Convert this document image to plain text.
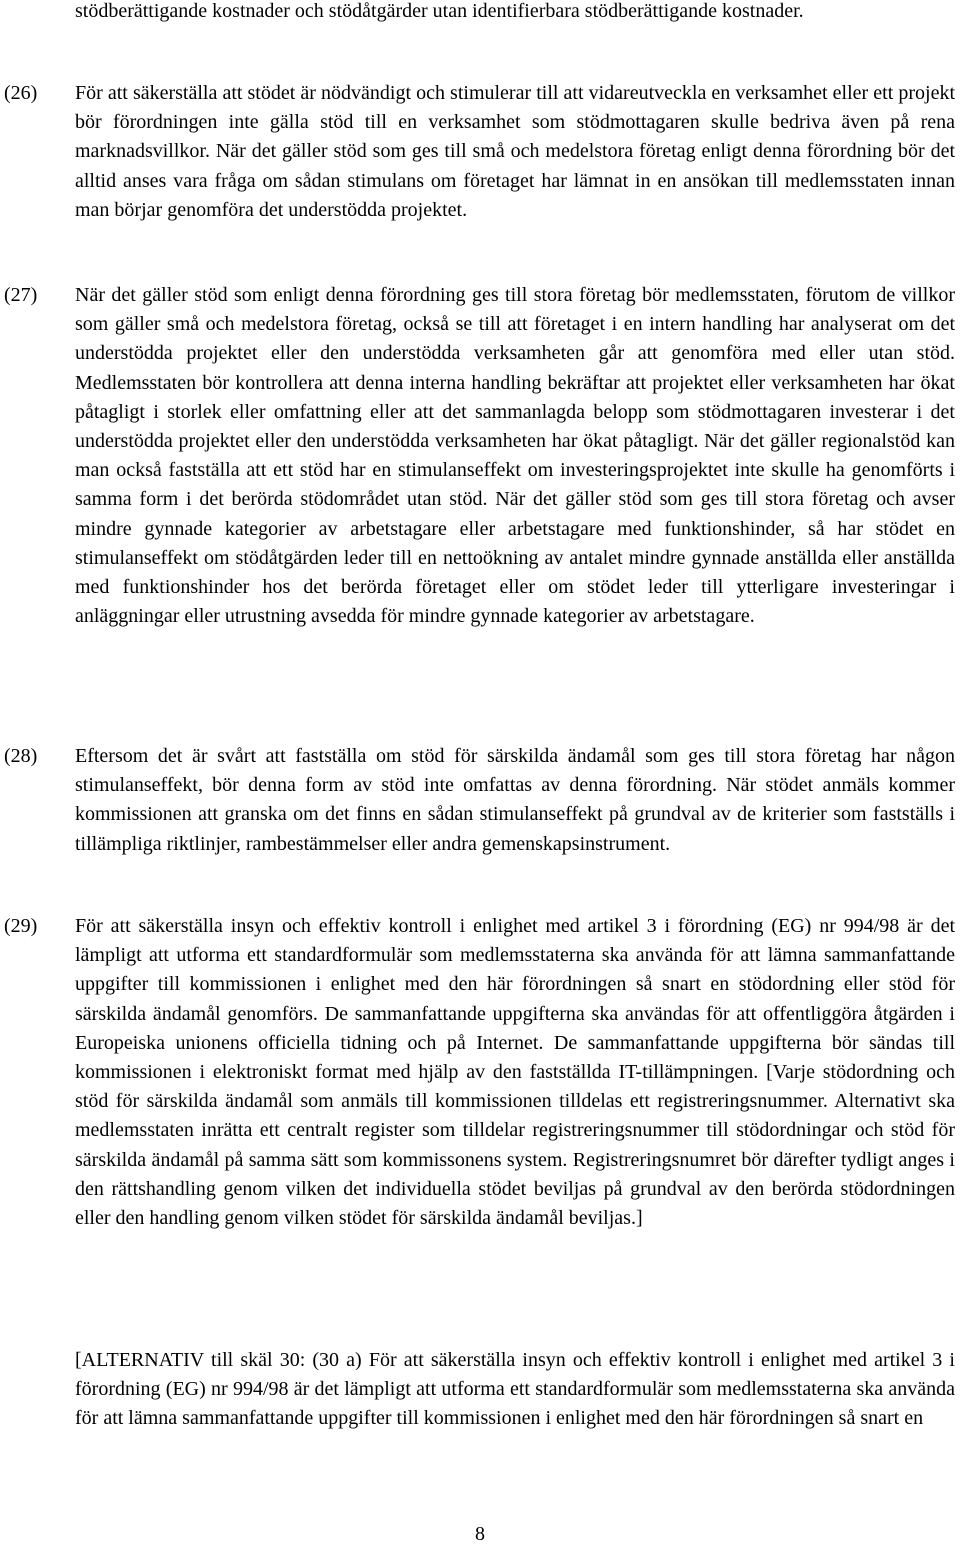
stödberättigande kostnader och stödåtgärder utan identifierbara stödberättigande kostnader.

(26)	För att säkerställa att stödet är nödvändigt och stimulerar till att vidareutveckla en verksamhet eller ett projekt bör förordningen inte gälla stöd till en verksamhet som stödmottagaren skulle bedriva även på rena marknadsvillkor. När det gäller stöd som ges till små och medelstora företag enligt denna förordning bör det alltid anses vara fråga om sådan stimulans om företaget har lämnat in en ansökan till medlemsstaten innan man börjar genomföra det understödda projektet.

(27)	När det gäller stöd som enligt denna förordning ges till stora företag bör medlemsstaten, förutom de villkor som gäller små och medelstora företag, också se till att företaget i en intern handling har analyserat om det understödda projektet eller den understödda verksamheten går att genomföra med eller utan stöd. Medlemsstaten bör kontrollera att denna interna handling bekräftar att projektet eller verksamheten har ökat påtagligt i storlek eller omfattning eller att det sammanlagda belopp som stödmottagaren investerar i det understödda projektet eller den understödda verksamheten har ökat påtagligt. När det gäller regionalstöd kan man också fastställa att ett stöd har en stimulanseffekt om investeringsprojektet inte skulle ha genomförts i samma form i det berörda stödområdet utan stöd. När det gäller stöd som ges till stora företag och avser mindre gynnade kategorier av arbetstagare eller arbetstagare med funktionshinder, så har stödet en stimulanseffekt om stödåtgärden leder till en nettoökning av antalet mindre gynnade anställda eller anställda med funktionshinder hos det berörda företaget eller om stödet leder till ytterligare investeringar i anläggningar eller utrustning avsedda för mindre gynnade kategorier av arbetstagare.

(28)	Eftersom det är svårt att fastställa om stöd för särskilda ändamål som ges till stora företag har någon stimulanseffekt, bör denna form av stöd inte omfattas av denna förordning. När stödet anmäls kommer kommissionen att granska om det finns en sådan stimulanseffekt på grundval av de kriterier som fastställs i tillämpliga riktlinjer, rambestämmelser eller andra gemenskapsinstrument.

(29)	För att säkerställa insyn och effektiv kontroll i enlighet med artikel 3 i förordning (EG) nr 994/98 är det lämpligt att utforma ett standardformulär som medlemsstaterna ska använda för att lämna sammanfattande uppgifter till kommissionen i enlighet med den här förordningen så snart en stödordning eller stöd för särskilda ändamål genomförs. De sammanfattande uppgifterna ska användas för att offentliggöra åtgärden i Europeiska unionens officiella tidning och på Internet. De sammanfattande uppgifterna bör sändas till kommissionen i elektroniskt format med hjälp av den fastställda IT-tillämpningen. [Varje stödordning och stöd för särskilda ändamål som anmäls till kommissionen tilldelas ett registreringsnummer. Alternativt ska medlemsstaten inrätta ett centralt register som tilldelar registreringsnummer till stödordningar och stöd för särskilda ändamål på samma sätt som kommissonens system. Registreringsnumret bör därefter tydligt anges i den rättshandling genom vilken det individuella stödet beviljas på grundval av den berörda stödordningen eller den handling genom vilken stödet för särskilda ändamål beviljas.]

[ALTERNATIV till skäl 30: (30 a) För att säkerställa insyn och effektiv kontroll i enlighet med artikel 3 i förordning (EG) nr 994/98 är det lämpligt att utforma ett standardformulär som medlemsstaterna ska använda för att lämna sammanfattande uppgifter till kommissionen i enlighet med den här förordningen så snart en

8
